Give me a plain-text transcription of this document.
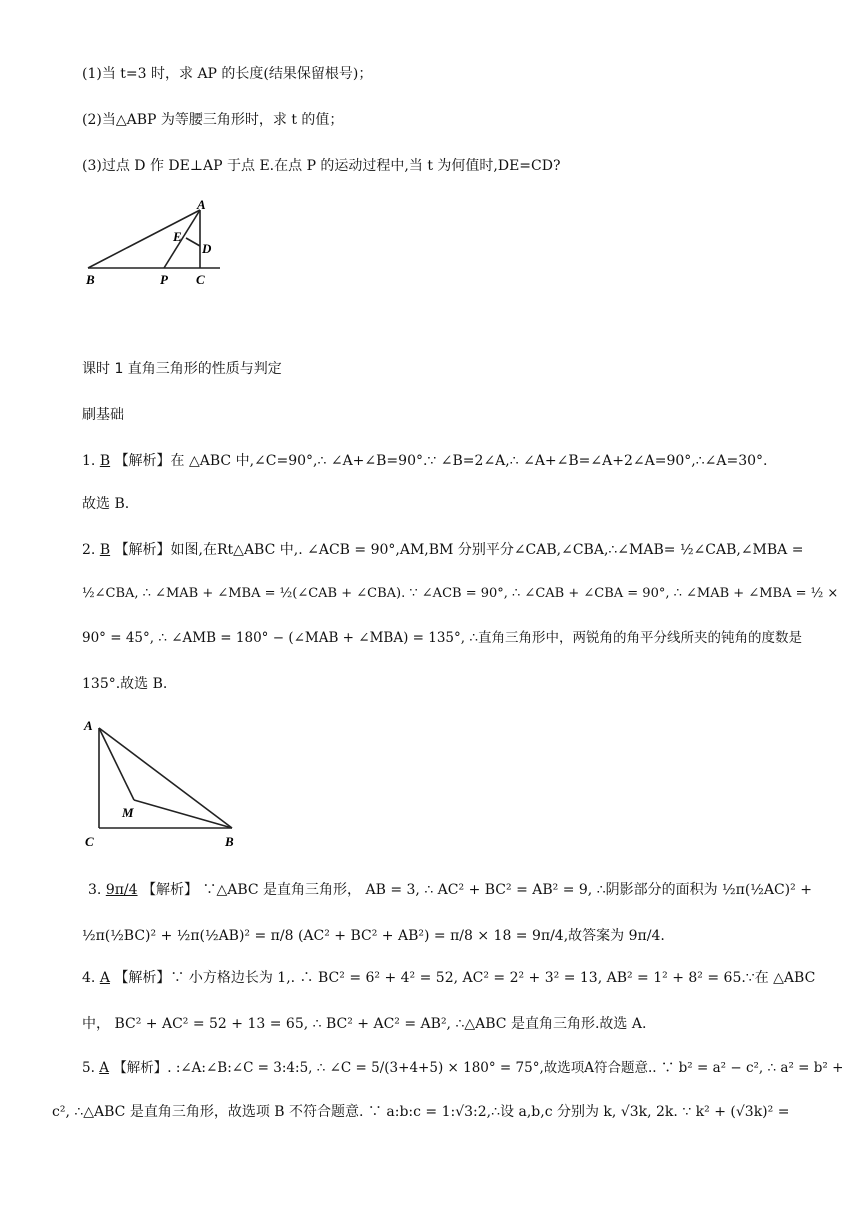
(1)当 t=3 时，求 AP 的长度(结果保留根号)；
(2)当△ABP 为等腰三角形时，求 t 的值；
(3)过点 D 作 DE⊥AP 于点 E.在点 P 的运动过程中,当 t 为何值时,DE=CD?
A
E
D
B	P C
课时 1 直角三角形的性质与判定
刷基础
1. B 【解析】在 △ABC 中,∠C=90°,∴ ∠A+∠B=90°.∵ ∠B=2∠A,∴ ∠A+∠B=∠A+2∠A=90°,∴∠A=30°.
故选 B.
2. B 【解析】如图,在Rt△ABC 中,. ∠ACB = 90°,AM,BM 分别平分∠CAB,∠CBA,∴∠MAB= ½∠CAB,∠MBA =
½∠CBA, ∴ ∠MAB + ∠MBA = ½(∠CAB + ∠CBA). ∵ ∠ACB = 90°, ∴ ∠CAB + ∠CBA = 90°, ∴ ∠MAB + ∠MBA = ½ ×
90° = 45°, ∴ ∠AMB = 180° − (∠MAB + ∠MBA) = 135°, ∴直角三角形中，两锐角的角平分线所夹的钝角的度数是
135°.故选 B.
A
M
C	B
3. 9π/4 【解析】 ∵△ABC 是直角三角形， AB = 3, ∴ AC² + BC² = AB² = 9, ∴阴影部分的面积为 ½π(½AC)² +
½π(½BC)² + ½π(½AB)² = π/8 (AC² + BC² + AB²) = π/8 × 18 = 9π/4,故答案为 9π/4.
4. A 【解析】∵ 小方格边长为 1,. ∴ BC² = 6² + 4² = 52, AC² = 2² + 3² = 13, AB² = 1² + 8² = 65.∵在 △ABC
中， BC² + AC² = 52 + 13 = 65, ∴ BC² + AC² = AB², ∴△ABC 是直角三角形.故选 A.
5. A 【解析】. :∠A:∠B:∠C = 3:4:5, ∴ ∠C = 5/(3+4+5) × 180° = 75°,故选项A符合题意.. ∵ b² = a² − c², ∴ a² = b² +
c², ∴△ABC 是直角三角形，故选项 B 不符合题意. ∵ a:b:c = 1:√3:2,∴设 a,b,c 分别为 k, √3k, 2k. ∵ k² + (√3k)² =
